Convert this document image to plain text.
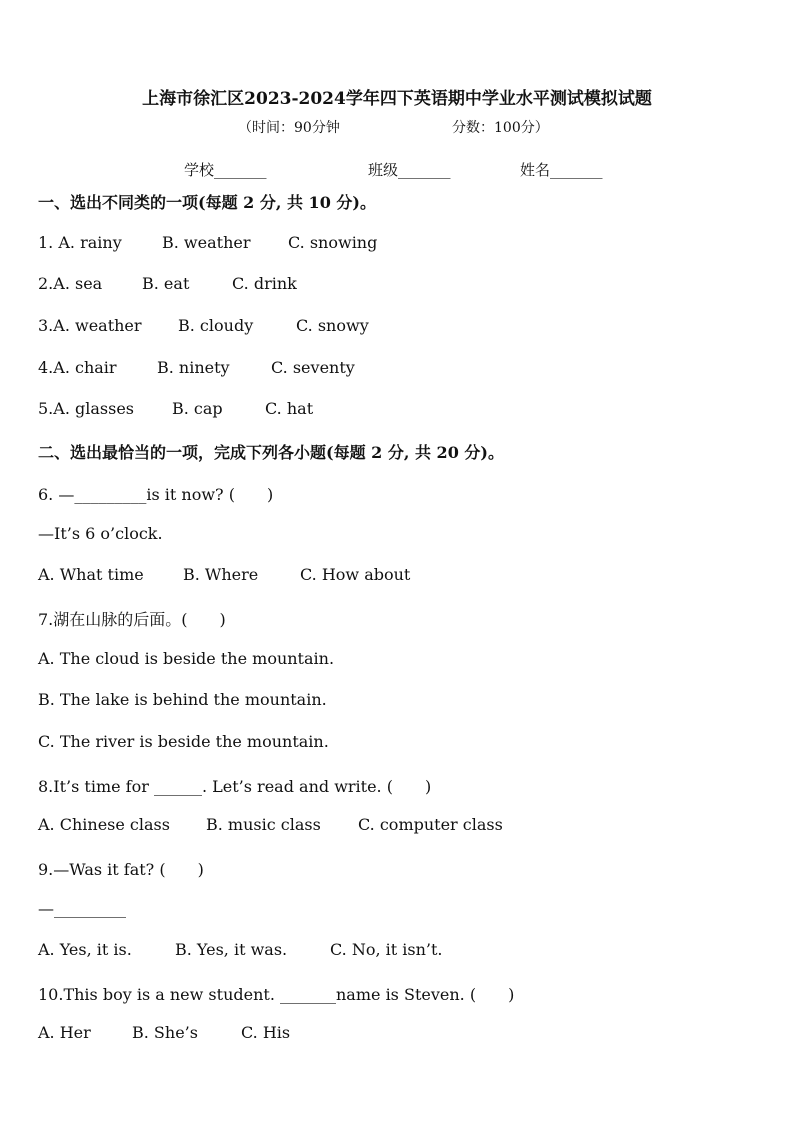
上海市徐汇区2023-2024学年四下英语期中学业水平测试模拟试题
（时间：90分钟	分数：100分）
学校_______	班级_______	姓名_______
一、选出不同类的一项(每题 2 分, 共 10 分)。
1. A. rainy	B. weather C. snowing
2.A. sea B. eat	C. drink
3.A. weather B. cloudy	C. snowy
4.A. chair	B. ninety	C. seventy
5.A. glasses B. cap	C. hat
二、选出最恰当的一项，完成下列各小题(每题 2 分, 共 20 分)。
6. —_________is it now? (　　)
—It’s 6 o’clock.
A. What time B. Where	C. How about
7.湖在山脉的后面。(　　)
A. The cloud is beside the mountain.
B. The lake is behind the mountain.
C. The river is beside the mountain.
8.It’s time for ______. Let’s read and write. (　　)
A. Chinese class B. music class C. computer class
9.—Was it fat? (　　)
—_________
A. Yes, it is.	B. Yes, it was.	C. No, it isn’t.
10.This boy is a new student. _______name is Steven. (　　)
A. Her	B. She’s	C. His
